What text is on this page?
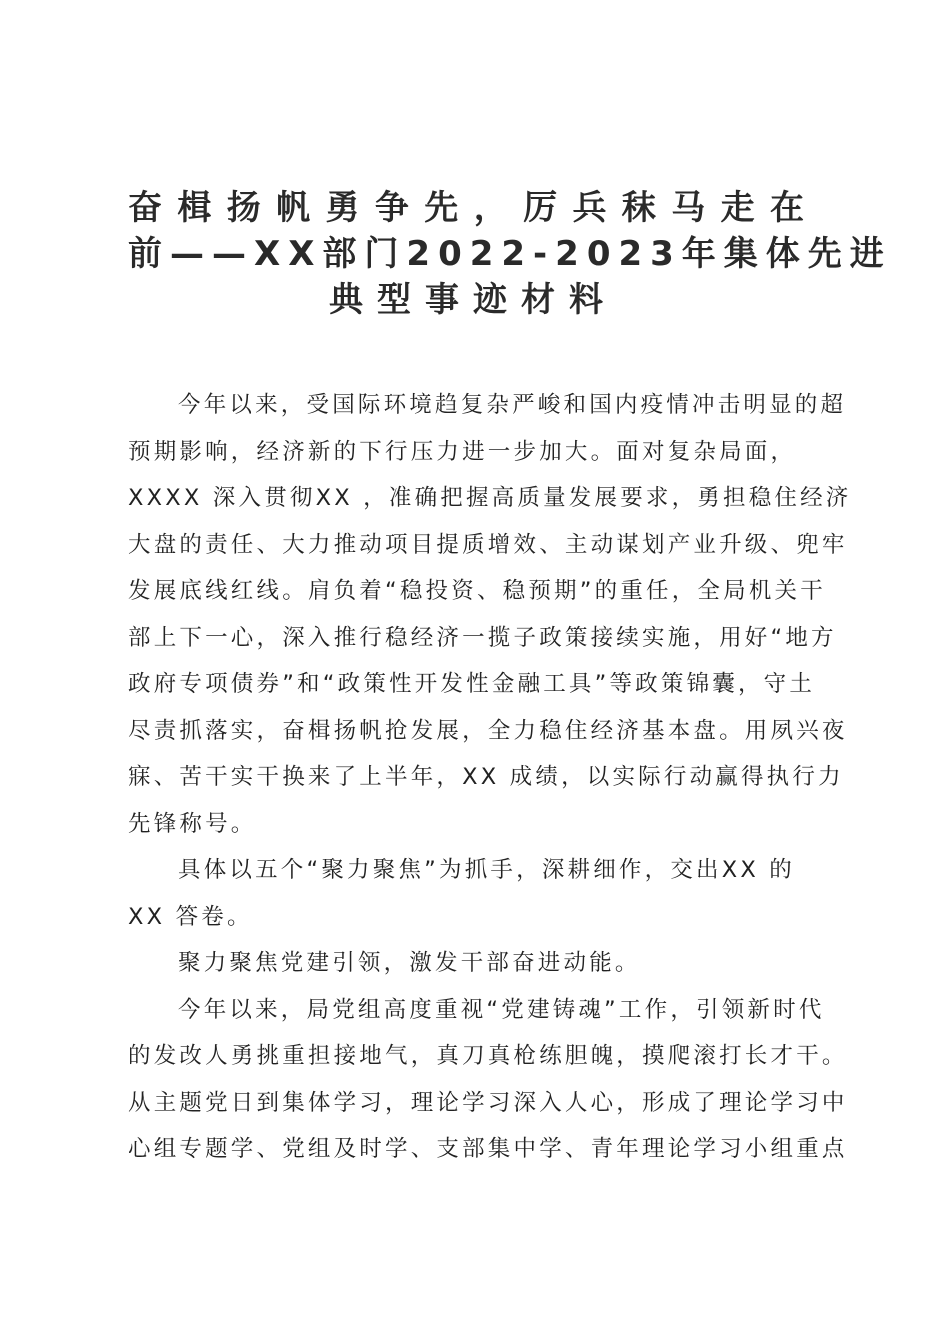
奋楫扬帆勇争先，厉兵秣马走在
前——XX部门2022-2023年集体先进
典型事迹材料
今年以来，受国际环境趋复杂严峻和国内疫情冲击明显的超
预期影响，经济新的下行压力进一步加大。面对复杂局面，
XXXX 深入贯彻XX ，准确把握高质量发展要求，勇担稳住经济
大盘的责任、大力推动项目提质增效、主动谋划产业升级、兜牢
发展底线红线。肩负着“稳投资、稳预期”的重任，全局机关干
部上下一心，深入推行稳经济一揽子政策接续实施，用好“地方
政府专项债券”和“政策性开发性金融工具”等政策锦囊，守土
尽责抓落实，奋楫扬帆抢发展，全力稳住经济基本盘。用夙兴夜
寐、苦干实干换来了上半年，XX 成绩，以实际行动赢得执行力
先锋称号。
具体以五个“聚力聚焦”为抓手，深耕细作，交出XX 的
XX 答卷。
聚力聚焦党建引领，激发干部奋进动能。
今年以来，局党组高度重视“党建铸魂”工作，引领新时代
的发改人勇挑重担接地气，真刀真枪练胆魄，摸爬滚打长才干。
从主题党日到集体学习，理论学习深入人心，形成了理论学习中
心组专题学、党组及时学、支部集中学、青年理论学习小组重点
